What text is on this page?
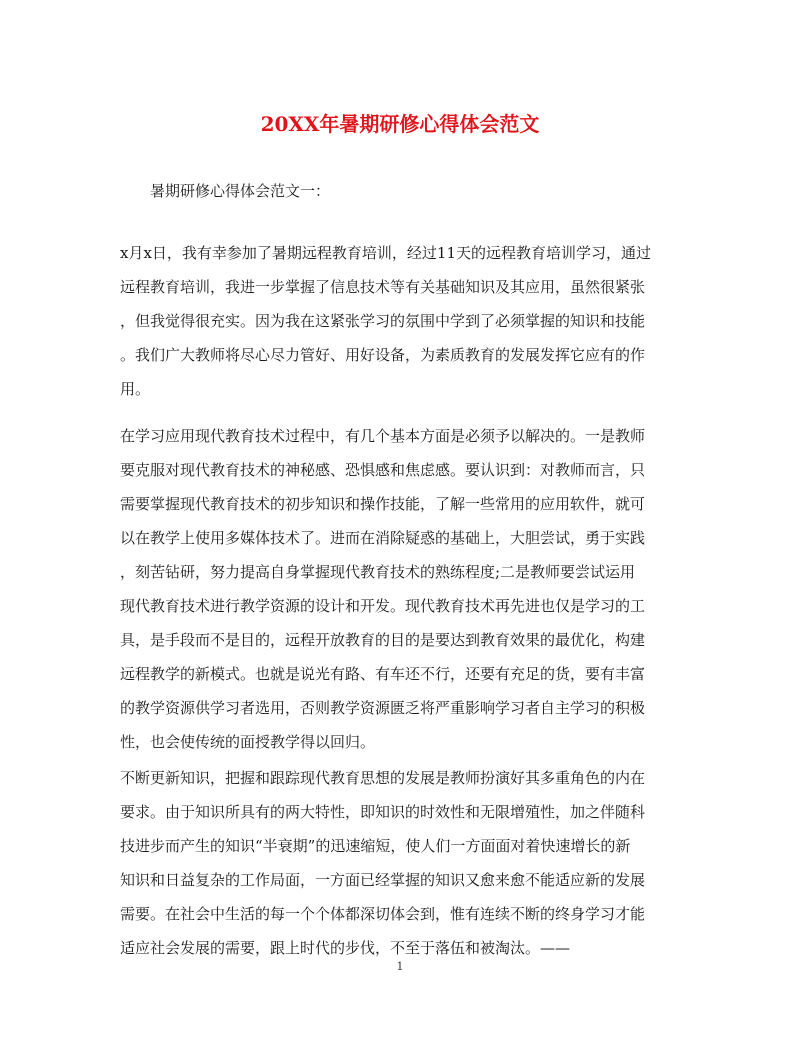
20XX年暑期研修心得体会范文
暑期研修心得体会范文一：
x月x日，我有幸参加了暑期远程教育培训，经过11天的远程教育培训学习，通过
远程教育培训，我进一步掌握了信息技术等有关基础知识及其应用，虽然很紧张
，但我觉得很充实。因为我在这紧张学习的氛围中学到了必须掌握的知识和技能
。我们广大教师将尽心尽力管好、用好设备，为素质教育的发展发挥它应有的作
用。
在学习应用现代教育技术过程中，有几个基本方面是必须予以解决的。一是教师
要克服对现代教育技术的神秘感、恐惧感和焦虑感。要认识到：对教师而言，只
需要掌握现代教育技术的初步知识和操作技能，了解一些常用的应用软件，就可
以在教学上使用多媒体技术了。进而在消除疑惑的基础上，大胆尝试，勇于实践
，刻苦钻研，努力提高自身掌握现代教育技术的熟练程度;二是教师要尝试运用
现代教育技术进行教学资源的设计和开发。现代教育技术再先进也仅是学习的工
具，是手段而不是目的，远程开放教育的目的是要达到教育效果的最优化，构建
远程教学的新模式。也就是说光有路、有车还不行，还要有充足的货，要有丰富
的教学资源供学习者选用，否则教学资源匮乏将严重影响学习者自主学习的积极
性，也会使传统的面授教学得以回归。
不断更新知识，把握和跟踪现代教育思想的发展是教师扮演好其多重角色的内在
要求。由于知识所具有的两大特性，即知识的时效性和无限增殖性，加之伴随科
技进步而产生的知识“半衰期”的迅速缩短，使人们一方面面对着快速增长的新
知识和日益复杂的工作局面，一方面已经掌握的知识又愈来愈不能适应新的发展
需要。在社会中生活的每一个个体都深切体会到，惟有连续不断的终身学习才能
适应社会发展的需要，跟上时代的步伐，不至于落伍和被淘汰。——
1
